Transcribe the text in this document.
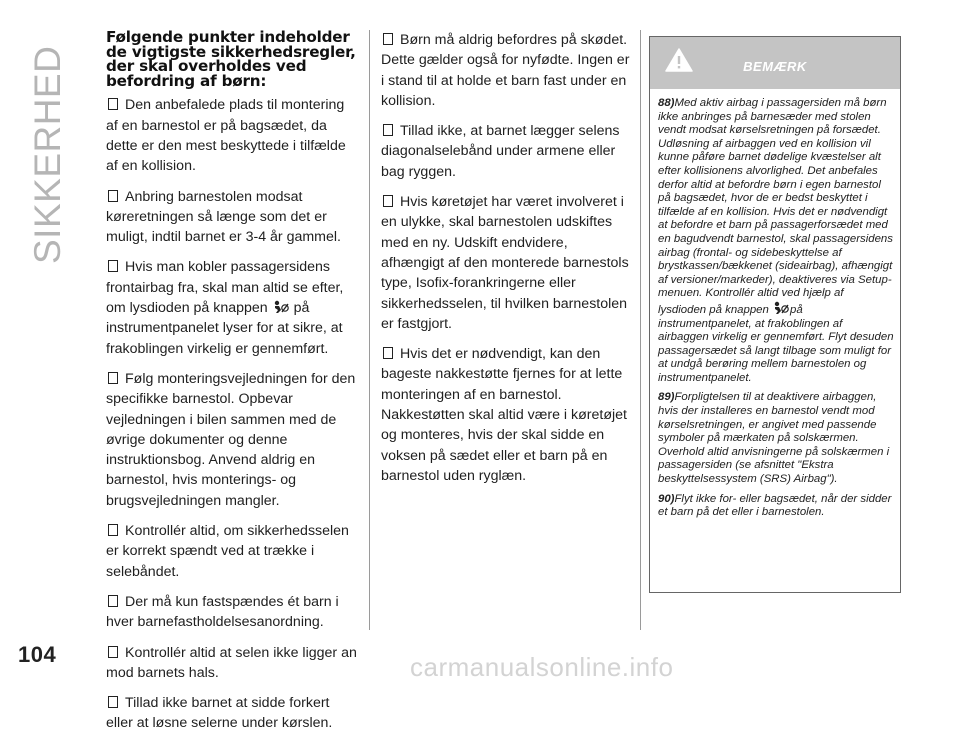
SIKKERHED
104
Følgende punkter indeholder de vigtigste sikkerhedsregler, der skal overholdes ved befordring af børn:

Den anbefalede plads til montering af en barnestol er på bagsædet, da dette er den mest beskyttede i tilfælde af en kollision.

Anbring barnestolen modsat køreretningen så længe som det er muligt, indtil barnet er 3-4 år gammel.

Hvis man kobler passagersidens frontairbag fra, skal man altid se efter, om lysdioden på knappen på instrumentpanelet lyser for at sikre, at frakoblingen virkelig er gennemført.

Følg monteringsvejledningen for den specifikke barnestol. Opbevar vejledningen i bilen sammen med de øvrige dokumenter og denne instruktionsbog. Anvend aldrig en barnestol, hvis monterings- og brugsvejledningen mangler.

Kontrollér altid, om sikkerhedsselen er korrekt spændt ved at trække i selebåndet.

Der må kun fastspændes ét barn i hver barnefastholdelsesanordning.

Kontrollér altid at selen ikke ligger an mod barnets hals.

Tillad ikke barnet at sidde forkert eller at løsne selerne under kørslen.

Børn må aldrig befordres på skødet. Dette gælder også for nyfødte. Ingen er i stand til at holde et barn fast under en kollision.

Tillad ikke, at barnet lægger selens diagonalselebånd under armene eller bag ryggen.

Hvis køretøjet har været involveret i en ulykke, skal barnestolen udskiftes med en ny. Udskift endvidere, afhængigt af den monterede barnestols type, Isofix-forankringerne eller sikkerhedsselen, til hvilken barnestolen er fastgjort.

Hvis det er nødvendigt, kan den bageste nakkestøtte fjernes for at lette monteringen af en barnestol. Nakkestøtten skal altid være i køretøjet og monteres, hvis der skal sidde en voksen på sædet eller et barn på en barnestol uden ryglæn.

BEMÆRK

88)Med aktiv airbag i passagersiden må børn ikke anbringes på barnesæder med stolen vendt modsat kørselsretningen på forsædet. Udløsning af airbaggen ved en kollision vil kunne påføre barnet dødelige kvæstelser alt efter kollisionens alvorlighed. Det anbefales derfor altid at befordre børn i egen barnestol på bagsædet, hvor de er bedst beskyttet i tilfælde af en kollision. Hvis det er nødvendigt at befordre et barn på passagerforsædet med en bagudvendt barnestol, skal passagersidens airbag (frontal- og sidebeskyttelse af brystkassen/bækkenet (sideairbag), afhængigt af versioner/markeder), deaktiveres via Setup-menuen. Kontrollér altid ved hjælp af lysdioden på knappen på instrumentpanelet, at frakoblingen af airbaggen virkelig er gennemført. Flyt desuden passagersædet så langt tilbage som muligt for at undgå berøring mellem barnestolen og instrumentpanelet.

89)Forpligtelsen til at deaktivere airbaggen, hvis der installeres en barnestol vendt mod kørselsretningen, er angivet med passende symboler på mærkaten på solskærmen. Overhold altid anvisningerne på solskærmen i passagersiden (se afsnittet "Ekstra beskyttelsessystem (SRS) Airbag").

90)Flyt ikke for- eller bagsædet, når der sidder et barn på det eller i barnestolen.

carmanualsonline.info
